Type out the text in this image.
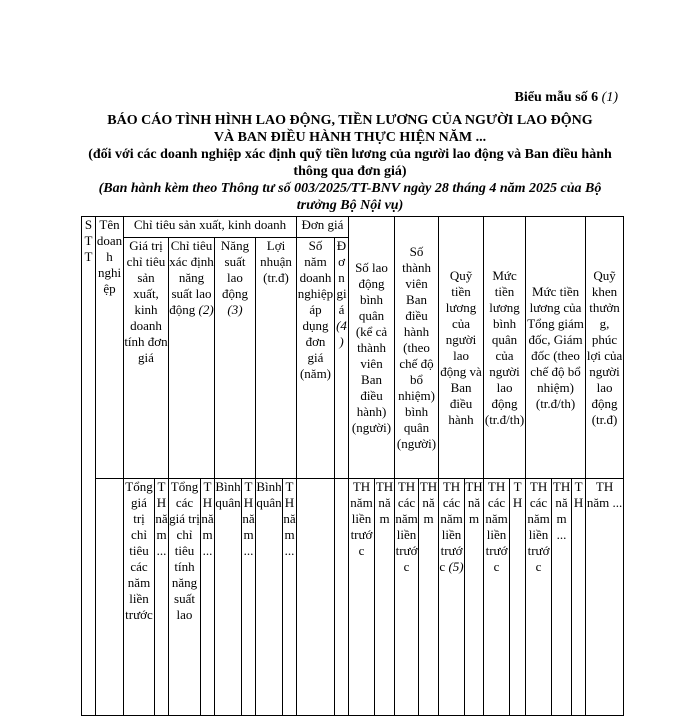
Biểu mẫu số 6 (1)
BÁO CÁO TÌNH HÌNH LAO ĐỘNG, TIỀN LƯƠNG CỦA NGƯỜI LAO ĐỘNG
VÀ BAN ĐIỀU HÀNH THỰC HIỆN NĂM ...
(đối với các doanh nghiệp xác định quỹ tiền lương của người lao động và Ban điều hành thông qua đơn giá)
(Ban hành kèm theo Thông tư số 003/2025/TT-BNV ngày 28 tháng 4 năm 2025 của Bộ trưởng Bộ Nội vụ)
STT	Tên doanh nghiệp	Chỉ tiêu sản xuất, kinh doanh								Đơn giá		Số lao động bình quân (kể cả thành viên Ban điều hành) (người)		Số thành viên Ban điều hành (theo chế độ bổ nhiệm) bình quân (người)		Quỹ tiền lương của người lao động và Ban điều hành		Mức tiền lương bình quân của người lao động (tr.đ/th)		Mức tiền lương của Tổng giám đốc, Giám đốc (theo chế độ bổ nhiệm) (tr.đ/th)			Quỹ khen thưởng, phúc lợi của người lao động (tr.đ)
		Giá trị chỉ tiêu sản xuất, kinh doanh tính đơn giá		Chỉ tiêu xác định năng suất lao động (2)		Năng suất lao động (3)		Lợi nhuận (tr.đ)		Số năm doanh nghiệp áp dụng đơn giá (năm)	Đơn giá (4)												
		Tổng giá trị chỉ tiêu các năm liền trước	TH năm ...	Tổng các giá trị chỉ tiêu tính năng suất lao	TH năm ...	Bình quân	TH năm ...	Bình quân	TH năm ...			TH năm liền trước	TH năm	TH các năm liền trước	TH năm	TH các năm liền trước (5)	TH năm	TH các năm liền trước	TH	TH các năm liền trước	TH năm ...	TH	TH năm ...
